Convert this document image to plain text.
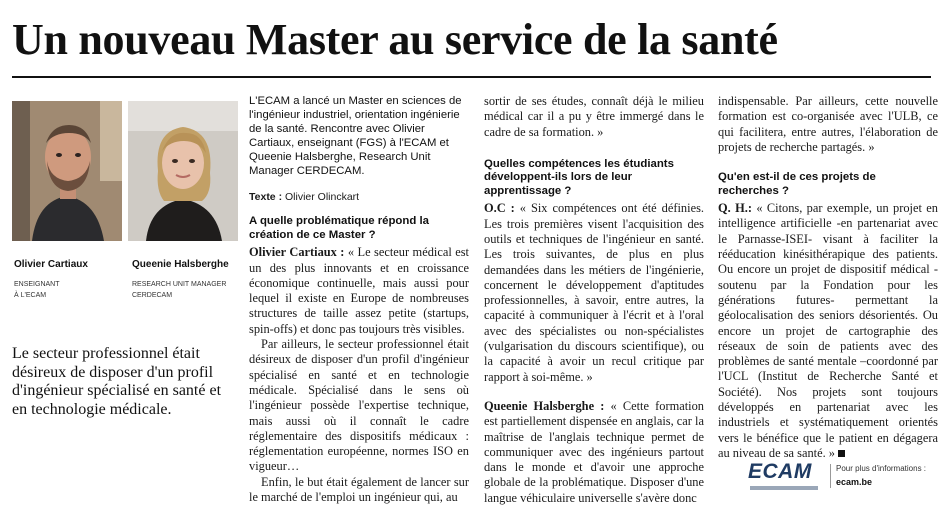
Un nouveau Master au service de la santé
Olivier Cartiaux
ENSEIGNANT
À L'ECAM
Queenie Halsberghe
RESEARCH UNIT MANAGER
CERDECAM
Le secteur professionnel était désireux de disposer d'un profil d'ingénieur spécialisé en santé et en technologie médicale.

L'ECAM a lancé un Master en sciences de l'ingénieur industriel, orientation ingénierie de la santé. Rencontre avec Olivier Cartiaux, enseignant (FGS) à l'ECAM et Queenie Halsberghe, Research Unit Manager CERDECAM.

Texte : Olivier Olinckart

A quelle problématique répond la création de ce Master ?

Olivier Cartiaux : « Le secteur médical est un des plus innovants et en croissance économique continuelle, mais aussi pour lequel il existe en Europe de nombreuses structures de taille assez petite (startups, spin-offs) et donc pas toujours très visibles.

Par ailleurs, le secteur professionnel était désireux de disposer d'un profil d'ingénieur spécialisé en santé et en technologie médicale. Spécialisé dans le sens où l'ingénieur possède l'expertise technique, mais aussi où il connaît le cadre réglementaire des dispositifs médicaux : réglementation européenne, normes ISO en vigueur…

Enfin, le but était également de lancer sur le marché de l'emploi un ingénieur qui, au

sortir de ses études, connaît déjà le milieu médical car il a pu y être immergé dans le cadre de sa formation. »

Quelles compétences les étudiants développent-ils lors de leur apprentissage ?

O.C : « Six compétences ont été définies. Les trois premières visent l'acquisition des outils et techniques de l'ingénieur en santé. Les trois suivantes, de plus en plus demandées dans les métiers de l'ingénierie, concernent le développement d'aptitudes professionnelles, à savoir, entre autres, la capacité à communiquer à l'écrit et à l'oral avec des spécialistes ou non-spécialistes (vulgarisation du discours scientifique), ou la capacité à avoir un recul critique par rapport à soi-même. »

Queenie Halsberghe : « Cette formation est partiellement dispensée en anglais, car la maîtrise de l'anglais technique permet de communiquer avec des ingénieurs partout dans le monde et d'avoir une approche globale de la problématique. Disposer d'une langue véhiculaire universelle s'avère donc

indispensable. Par ailleurs, cette nouvelle formation est co-organisée avec l'ULB, ce qui facilitera, entre autres, l'élaboration de projets de recherche partagés. »

Qu'en est-il de ces projets de recherches ?

Q. H.: « Citons, par exemple, un projet en intelligence artificielle -en partenariat avec le Parnasse-ISEI- visant à faciliter la rééducation kinésithérapique des patients. Ou encore un projet de dispositif médical -soutenu par la Fondation pour les générations futures- permettant la géolocalisation des seniors désorientés. Ou encore un projet de cartographie des réseaux de soin de patients avec des problèmes de santé mentale –coordonné par l'UCL (Institut de Recherche Santé et Société). Nos projets sont toujours développés en partenariat avec les industriels et systématiquement orientés vers le bénéfice que le patient en dégagera au niveau de sa santé. »

ECAM	Pour plus d'informations :
ecam.be
